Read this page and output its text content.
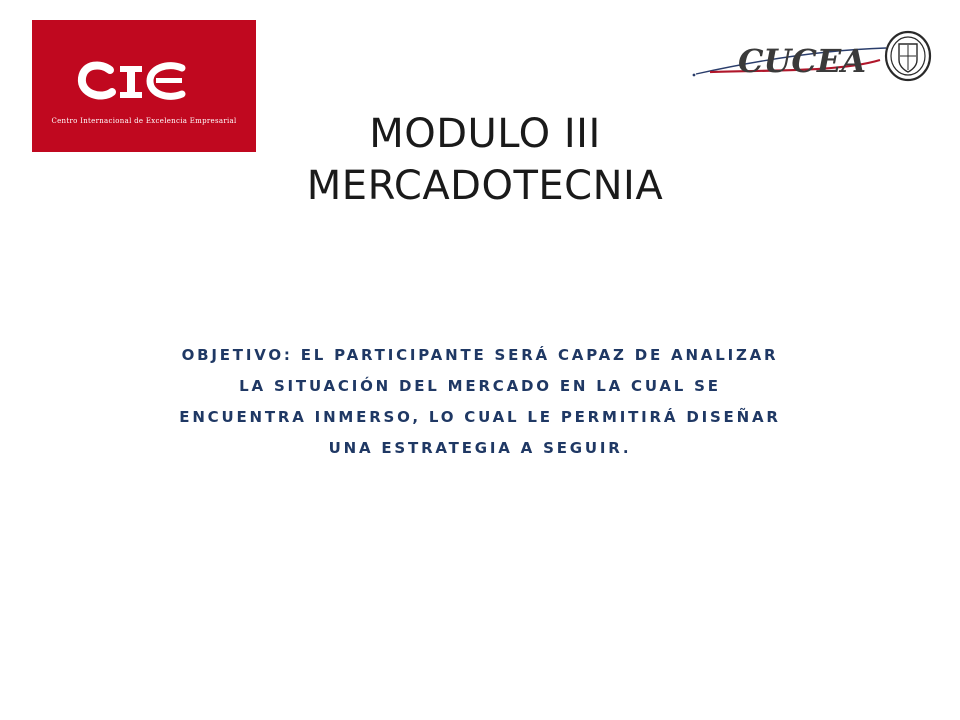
Centro Internacional de Excelencia Empresarial
CUCEA
MODULO III
MERCADOTECNIA
OBJETIVO: EL PARTICIPANTE SERÁ CAPAZ DE ANALIZAR
LA SITUACIÓN DEL MERCADO EN LA CUAL SE
ENCUENTRA INMERSO, LO CUAL LE PERMITIRÁ DISEÑAR
UNA ESTRATEGIA A SEGUIR.
